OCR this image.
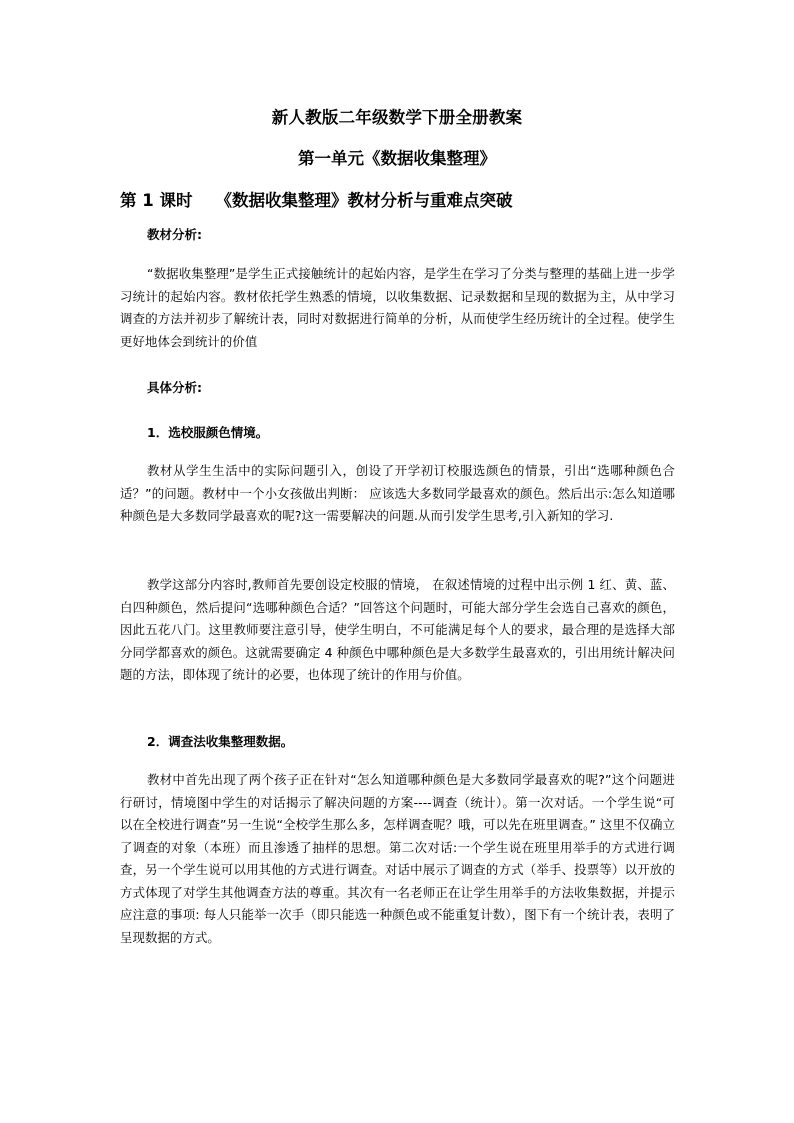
新人教版二年级数学下册全册教案
第一单元《数据收集整理》
第 1 课时    《数据收集整理》教材分析与重难点突破
教材分析:
“数据收集整理”是学生正式接触统计的起始内容，是学生在学习了分类与整理的基础上进一步学习统计的起始内容。教材依托学生熟悉的情境，以收集数据、记录数据和呈现的数据为主，从中学习调查的方法并初步了解统计表，同时对数据进行简单的分析，从而使学生经历统计的全过程。使学生更好地体会到统计的价值
具体分析:
1．选校服颜色情境。
教材从学生生活中的实际问题引入，创设了开学初订校服选颜色的情景，引出“选哪种颜色合适？”的问题。教材中一个小女孩做出判断： 应该选大多数同学最喜欢的颜色。然后出示:怎么知道哪种颜色是大多数同学最喜欢的呢?这一需要解决的问题.从而引发学生思考,引入新知的学习.
教学这部分内容时,教师首先要创设定校服的情境， 在叙述情境的过程中出示例 1 红、黄、蓝、白四种颜色，然后提问“选哪种颜色合适？”回答这个问题时，可能大部分学生会选自己喜欢的颜色，因此五花八门。这里教师要注意引导，使学生明白，不可能满足每个人的要求，最合理的是选择大部分同学都喜欢的颜色。这就需要确定 4 种颜色中哪种颜色是大多数学生最喜欢的，引出用统计解决问题的方法，即体现了统计的必要，也体现了统计的作用与价值。
2．调查法收集整理数据。
教材中首先出现了两个孩子正在针对“怎么知道哪种颜色是大多数同学最喜欢的呢?”这个问题进行研讨，情境图中学生的对话揭示了解决问题的方案----调查（统计）。第一次对话。一个学生说“可以在全校进行调查”另一生说“全校学生那么多，怎样调查呢？哦，可以先在班里调查。” 这里不仅确立了调查的对象（本班）而且渗透了抽样的思想。第二次对话:一个学生说在班里用举手的方式进行调查，另一个学生说可以用其他的方式进行调查。对话中展示了调查的方式（举手、投票等）以开放的方式体现了对学生其他调查方法的尊重。其次有一名老师正在让学生用举手的方法收集数据，并提示应注意的事项: 每人只能举一次手（即只能选一种颜色或不能重复计数），图下有一个统计表，表明了呈现数据的方式。
